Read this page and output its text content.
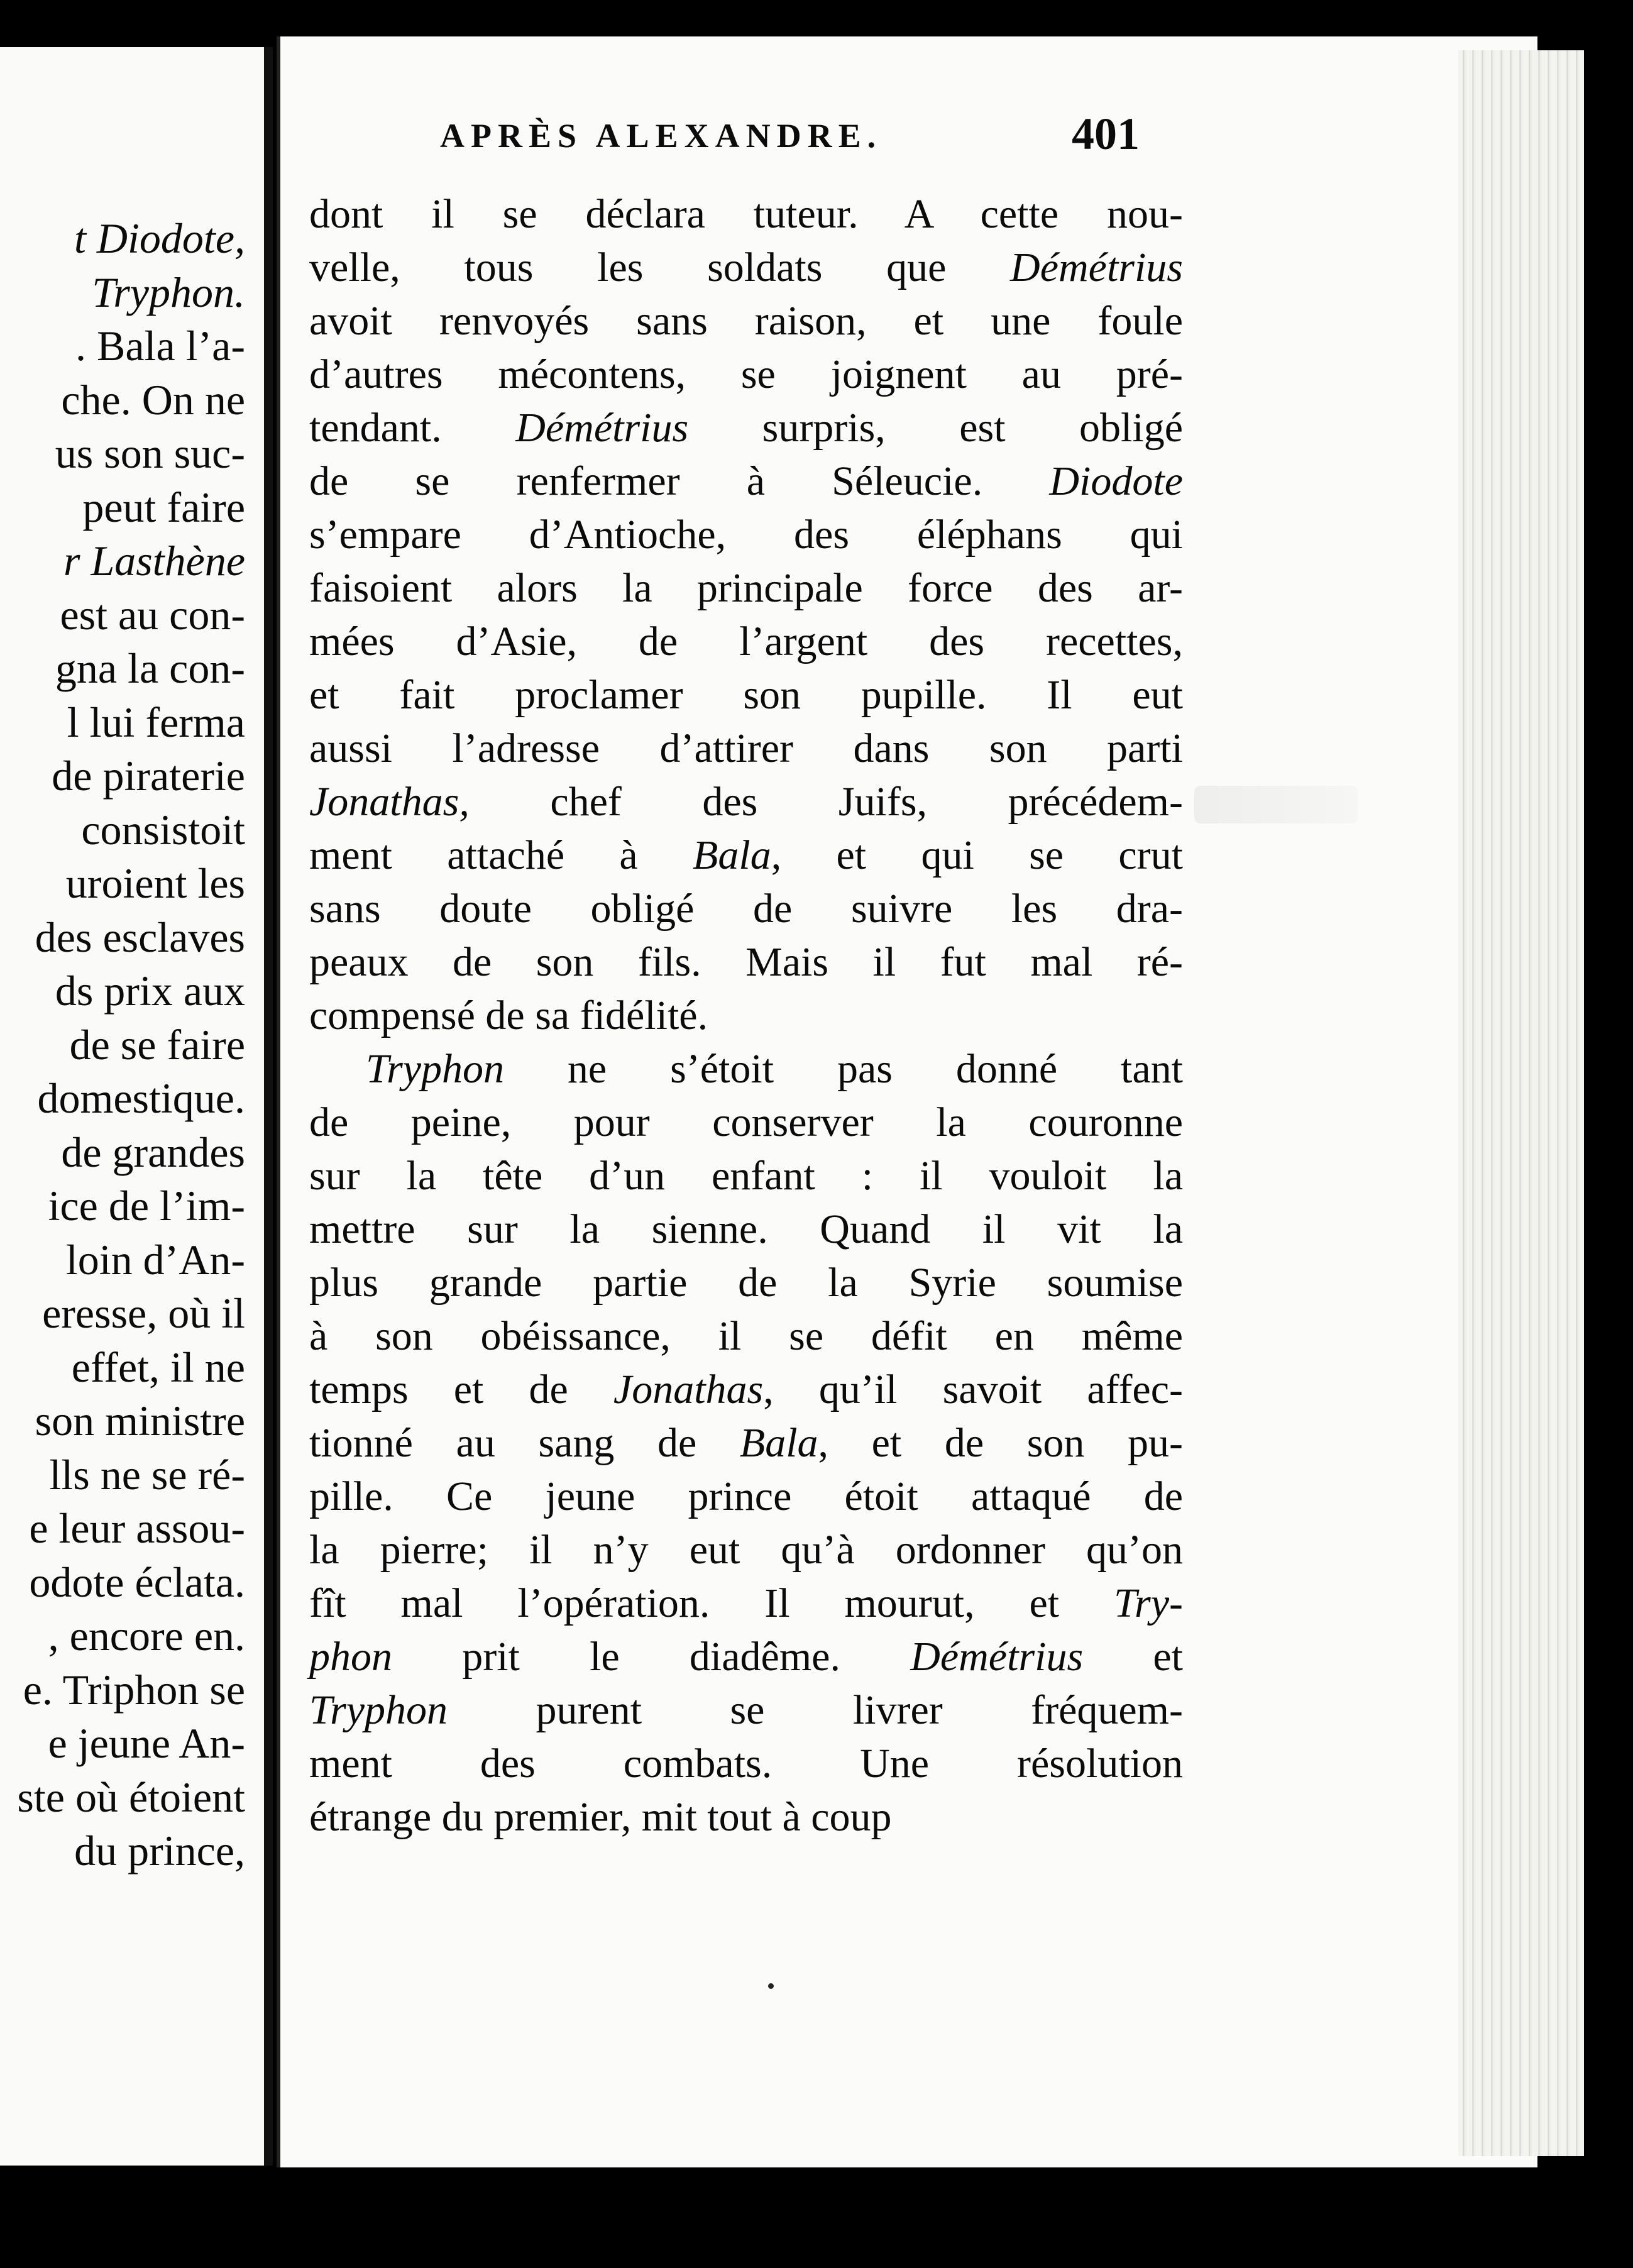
t Diodote,
Tryphon.
. Bala l’a-
che. On ne
us son suc-
peut faire
r Lasthène
est au con-
gna la con-
l lui ferma
de piraterie
consistoit
uroient les
des esclaves
ds prix aux
de se faire
domestique.
de grandes
ice de l’im-
loin d’An-
eresse, où il
effet, il ne
son ministre
lls ne se ré-
e leur assou-
odote éclata.
, encore en.
e. Triphon se
e jeune An-
ste où étoient
du prince,
APRÈS ALEXANDRE.	401
dont il se déclara tuteur. A cette nou-
velle, tous les soldats que Démétrius
avoit renvoyés sans raison, et une foule
d’autres mécontens, se joignent au pré-
tendant. Démétrius surpris, est obligé
de se renfermer à Séleucie. Diodote
s’empare d’Antioche, des éléphans qui
faisoient alors la principale force des ar-
mées d’Asie, de l’argent des recettes,
et fait proclamer son pupille. Il eut
aussi l’adresse d’attirer dans son parti
Jonathas, chef des Juifs, précédem-
ment attaché à Bala, et qui se crut
sans doute obligé de suivre les dra-
peaux de son fils. Mais il fut mal ré-
compensé de sa fidélité.
Tryphon ne s’étoit pas donné tant
de peine, pour conserver la couronne
sur la tête d’un enfant : il vouloit la
mettre sur la sienne. Quand il vit la
plus grande partie de la Syrie soumise
à son obéissance, il se défit en même
temps et de Jonathas, qu’il savoit affec-
tionné au sang de Bala, et de son pu-
pille. Ce jeune prince étoit attaqué de
la pierre; il n’y eut qu’à ordonner qu’on
fît mal l’opération. Il mourut, et Try-
phon prit le diadême. Démétrius et
Tryphon purent se livrer fréquem-
ment des combats. Une résolution
étrange du premier, mit tout à coup
